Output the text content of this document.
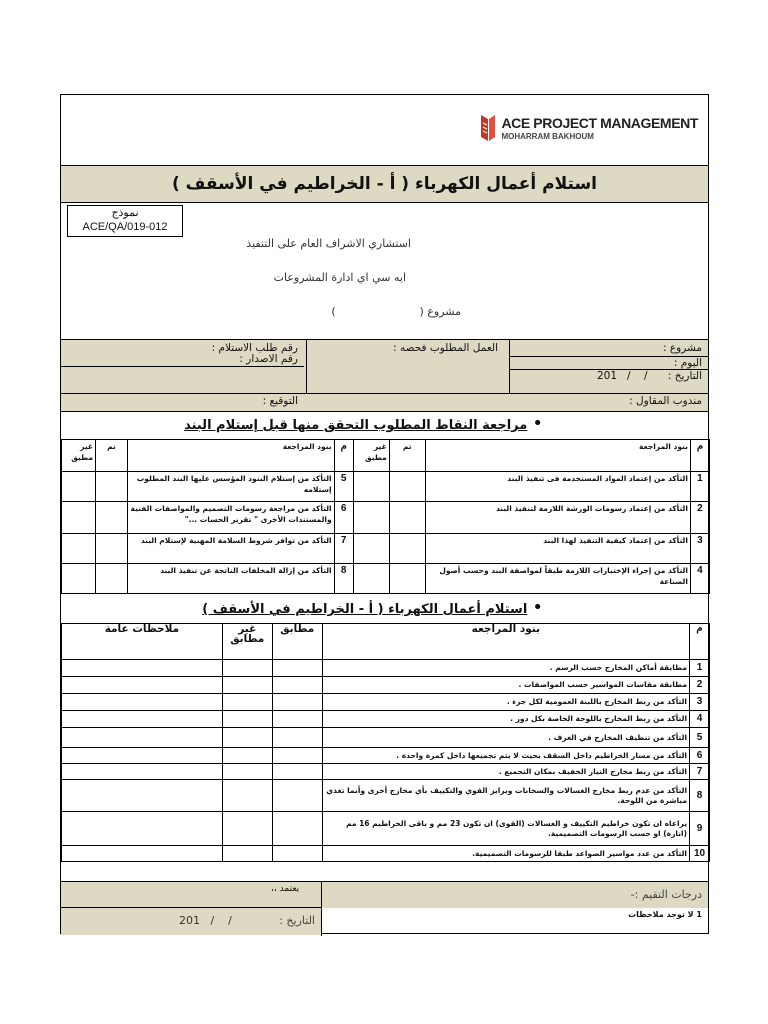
ACE PROJECT MANAGEMENT
MOHARRAM BAKHOUM
استلام أعمال الكهرباء ( أ - الخراطيم في الأسقف )
نموذج
ACE/QA/019-012
استشاري الاشراف العام على التنفيذ
ايه سي اي ادارة المشروعات
مشروع (                        )
مشروع :
اليوم :
التاريخ :
201   /    /
مندوب المقاول :
العمل المطلوب فحصه :
رقم طلب الاستلام :
رقم الاصدار :
التوقيع :
• مراجعة النقاط المطلوب التحقق منها قبل إستلام البند
م	بنود المراجعة	تم	غير مطبق	م	بنود المراجعة	تم	غير مطبق
1	التأكد من إعتماد المواد المستخدمة فى تنفيذ البند			5	التأكد من إستلام البنود المؤسس عليها البند المطلوب إستلامه		
2	التأكد من إعتماد رسومات الورشة اللازمة لتنفيذ البند			6	التأكد من مراجعة رسومات التصميم والمواصفات الفنية والمستندات الأخرى " تقرير الحسات ..."		
3	التأكد من إعتماد كيفية التنفيذ لهذا البند			7	التأكد من توافر شروط السلامة المهنية لإستلام البند		
4	التأكد من إجراء الإختبارات اللازمة طبقاً لمواصفة البند وحسب أصول الصناعة			8	التأكد من إزالة المخلفات الناتجة عن تنفيذ البند		
• استلام أعمال الكهرباء ( أ - الخراطيم في الأسقف )
م	بنود المراجعه	مطابق	غير مطابق	ملاحظات عامة
1	مطابقة أماكن المخارج حسب الرسم .			
2	مطابقة مقاسات المواسير حسب المواصفات .			
3	التأكد من ربط المخارج باللبنة العمومية لكل جزء .			
4	التأكد من ربط المخارج باللوحة الخاصة بكل دور .			
5	التأكد من تنظيف المخارج في الغرف .			
6	التأكد من مسار الخراطيم داخل السقف بحيث لا يتم تجميعها داخل كمرة واحدة .			
7	التأكد من ربط مخارج التيار الخفيف بمكان التجميع .			
8	التأكد من عدم ربط مخارج الغسالات والسخانات وبرايز القوي والتكييف بأي مخارج أخرى وأنما تغذي مباشرة من اللوحة.			
9	يراعاه ان تكون خراطيم التكييف و الغسالات (القوى) ان تكون 23 مم و باقى الخراطيم 16 مم (انارة) او حسب الرسومات التصميمية.			
10	التأكد من عدد مواسير الصواعد طبقا للرسومات التصميمية.			
درجات التقيم :-
يعتمد ،،
201   /    /	التاريخ :	1 لا توجد ملاحظات
